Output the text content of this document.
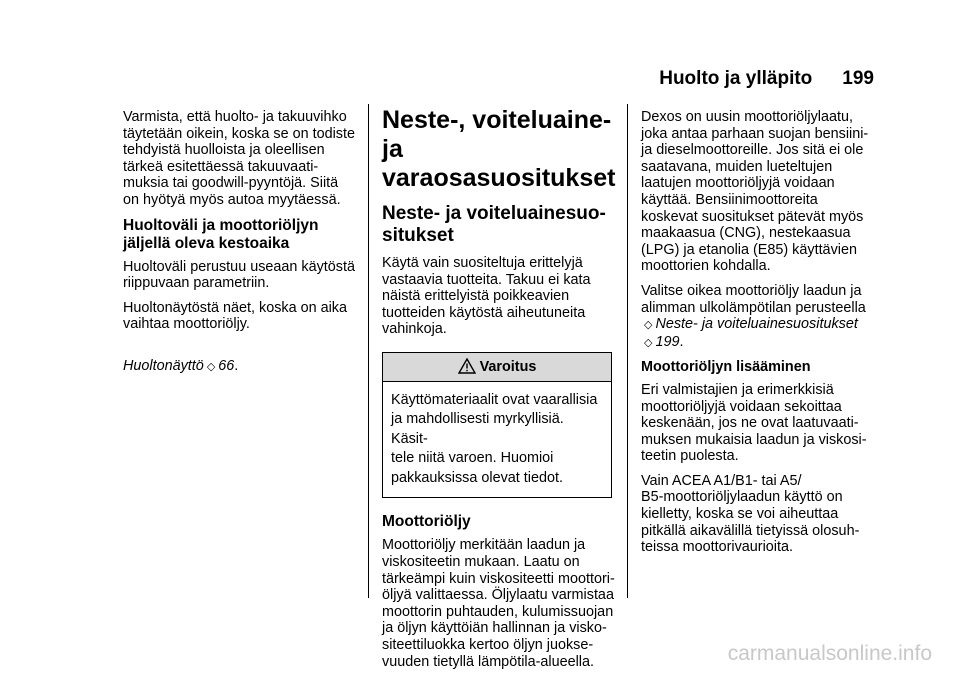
Huolto ja ylläpito 199

Varmista, että huolto- ja takuuvihko
täytetään oikein, koska se on todiste
tehdyistä huolloista ja oleellisen
tärkeä esitettäessä takuuvaati-
muksia tai goodwill-pyyntöjä. Siitä
on hyötyä myös autoa myytäessä.

Huoltoväli ja moottoriöljyn
jäljellä oleva kestoaika

Huoltoväli perustuu useaan käytöstä
riippuvaan parametriin.

Huoltonäytöstä näet, koska on aika
vaihtaa moottoriöljy.

Huoltonäyttö ◇ 66.

Neste-, voiteluaine- ja
varaosasuositukset
Neste- ja voiteluainesuo-
situkset

Käytä vain suositeltuja erittelyjä
vastaavia tuotteita. Takuu ei kata
näistä erittelyistä poikkeavien
tuotteiden käytöstä aiheutuneita
vahinkoja.

Varoitus
Käyttömateriaalit ovat vaarallisia
ja mahdollisesti myrkyllisiä. Käsit-
tele niitä varoen. Huomioi
pakkauksissa olevat tiedot.
Moottoriöljy

Moottoriöljy merkitään laadun ja
viskositeetin mukaan. Laatu on
tärkeämpi kuin viskositeetti moottori-
öljyä valittaessa. Öljylaatu varmistaa
moottorin puhtauden, kulumissuojan
ja öljyn käyttöiän hallinnan ja visko-
siteettiluokka kertoo öljyn juokse-
vuuden tietyllä lämpötila-alueella.

Dexos on uusin moottoriöljylaatu,
joka antaa parhaan suojan bensiini-
ja dieselmoottoreille. Jos sitä ei ole
saatavana, muiden lueteltujen
laatujen moottoriöljyjä voidaan
käyttää. Bensiinimoottoreita
koskevat suositukset pätevät myös
maakaasua (CNG), nestekaasua
(LPG) ja etanolia (E85) käyttävien
moottorien kohdalla.

Valitse oikea moottoriöljy laadun ja
alimman ulkolämpötilan perusteella
◇ Neste- ja voiteluainesuositukset
◇ 199.

Moottoriöljyn lisääminen

Eri valmistajien ja erimerkkisiä
moottoriöljyjä voidaan sekoittaa
keskenään, jos ne ovat laatuvaati-
muksen mukaisia laadun ja viskosi-
teetin puolesta.

Vain ACEA A1/B1- tai A5/
B5-moottoriöljylaadun käyttö on
kielletty, koska se voi aiheuttaa
pitkällä aikavälillä tietyissä olosuh-
teissa moottorivaurioita.

carmanualsonline.info
